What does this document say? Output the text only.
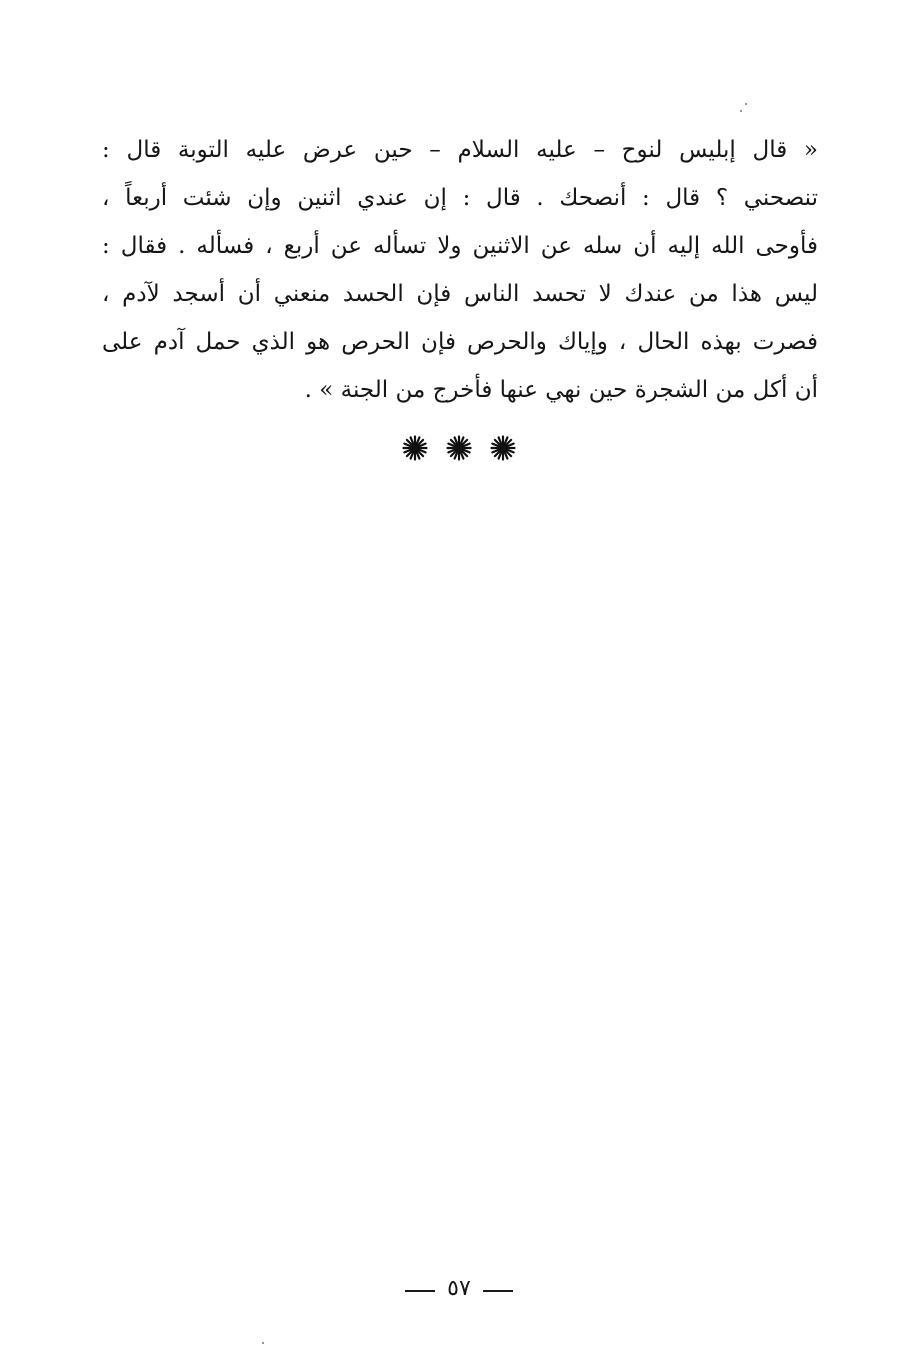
« قال إبليس لنوح – عليه السلام – حين عرض عليه التوبة قال :
تنصحني ؟ قال : أنصحك . قال : إن عندي اثنين وإن شئت أربعاً ،
فأوحى الله إليه أن سله عن الاثنين ولا تسأله عن أربع ، فسأله . فقال :
ليس هذا من عندك لا تحسد الناس فإن الحسد منعني أن أسجد لآدم ،
فصرت بهذه الحال ، وإياك والحرص فإن الحرص هو الذي حمل آدم على
أن أكل من الشجرة حين نهي عنها فأخرج من الجنة » .
٥٧
